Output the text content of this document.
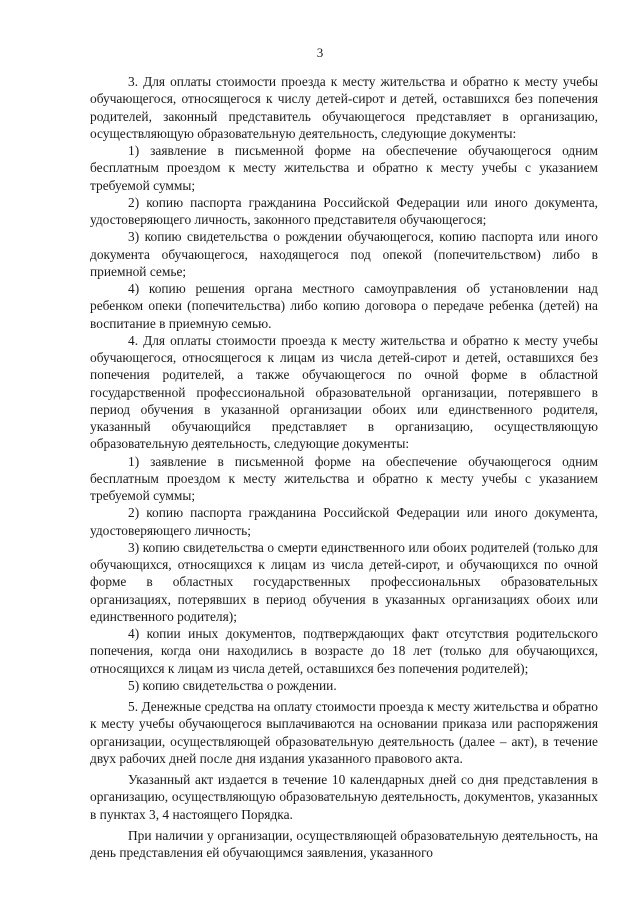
3

3. Для оплаты стоимости проезда к месту жительства и обратно к месту учебы обучающегося, относящегося к числу детей-сирот и детей, оставшихся без попечения родителей, законный представитель обучающегося представляет в организацию, осуществляющую образовательную деятельность, следующие документы:

1) заявление в письменной форме на обеспечение обучающегося одним бесплатным проездом к месту жительства и обратно к месту учебы с указанием требуемой суммы;

2) копию паспорта гражданина Российской Федерации или иного документа, удостоверяющего личность, законного представителя обучающегося;

3) копию свидетельства о рождении обучающегося, копию паспорта или иного документа обучающегося, находящегося под опекой (попечительством) либо в приемной семье;

4) копию решения органа местного самоуправления об установлении над ребенком опеки (попечительства) либо копию договора о передаче ребенка (детей) на воспитание в приемную семью.

4. Для оплаты стоимости проезда к месту жительства и обратно к месту учебы обучающегося, относящегося к лицам из числа детей-сирот и детей, оставшихся без попечения родителей, а также обучающегося по очной форме в областной государственной профессиональной образовательной организации, потерявшего в период обучения в указанной организации обоих или единственного родителя, указанный обучающийся представляет в организацию, осуществляющую образовательную деятельность, следующие документы:

1) заявление в письменной форме на обеспечение обучающегося одним бесплатным проездом к месту жительства и обратно к месту учебы с указанием требуемой суммы;

2) копию паспорта гражданина Российской Федерации или иного документа, удостоверяющего личность;

3) копию свидетельства о смерти единственного или обоих родителей (только для обучающихся, относящихся к лицам из числа детей-сирот, и обучающихся по очной форме в областных государственных профессиональных образовательных организациях, потерявших в период обучения в указанных организациях обоих или единственного родителя);

4) копии иных документов, подтверждающих факт отсутствия родительского попечения, когда они находились в возрасте до 18 лет (только для обучающихся, относящихся к лицам из числа детей, оставшихся без попечения родителей);

5) копию свидетельства о рождении.

5. Денежные средства на оплату стоимости проезда к месту жительства и обратно к месту учебы обучающегося выплачиваются на основании приказа или распоряжения организации, осуществляющей образовательную деятельность (далее – акт), в течение двух рабочих дней после дня издания указанного правового акта.

Указанный акт издается в течение 10 календарных дней со дня представления в организацию, осуществляющую образовательную деятельность, документов, указанных в пунктах 3, 4 настоящего Порядка.

При наличии у организации, осуществляющей образовательную деятельность, на день представления ей обучающимся заявления, указанного
